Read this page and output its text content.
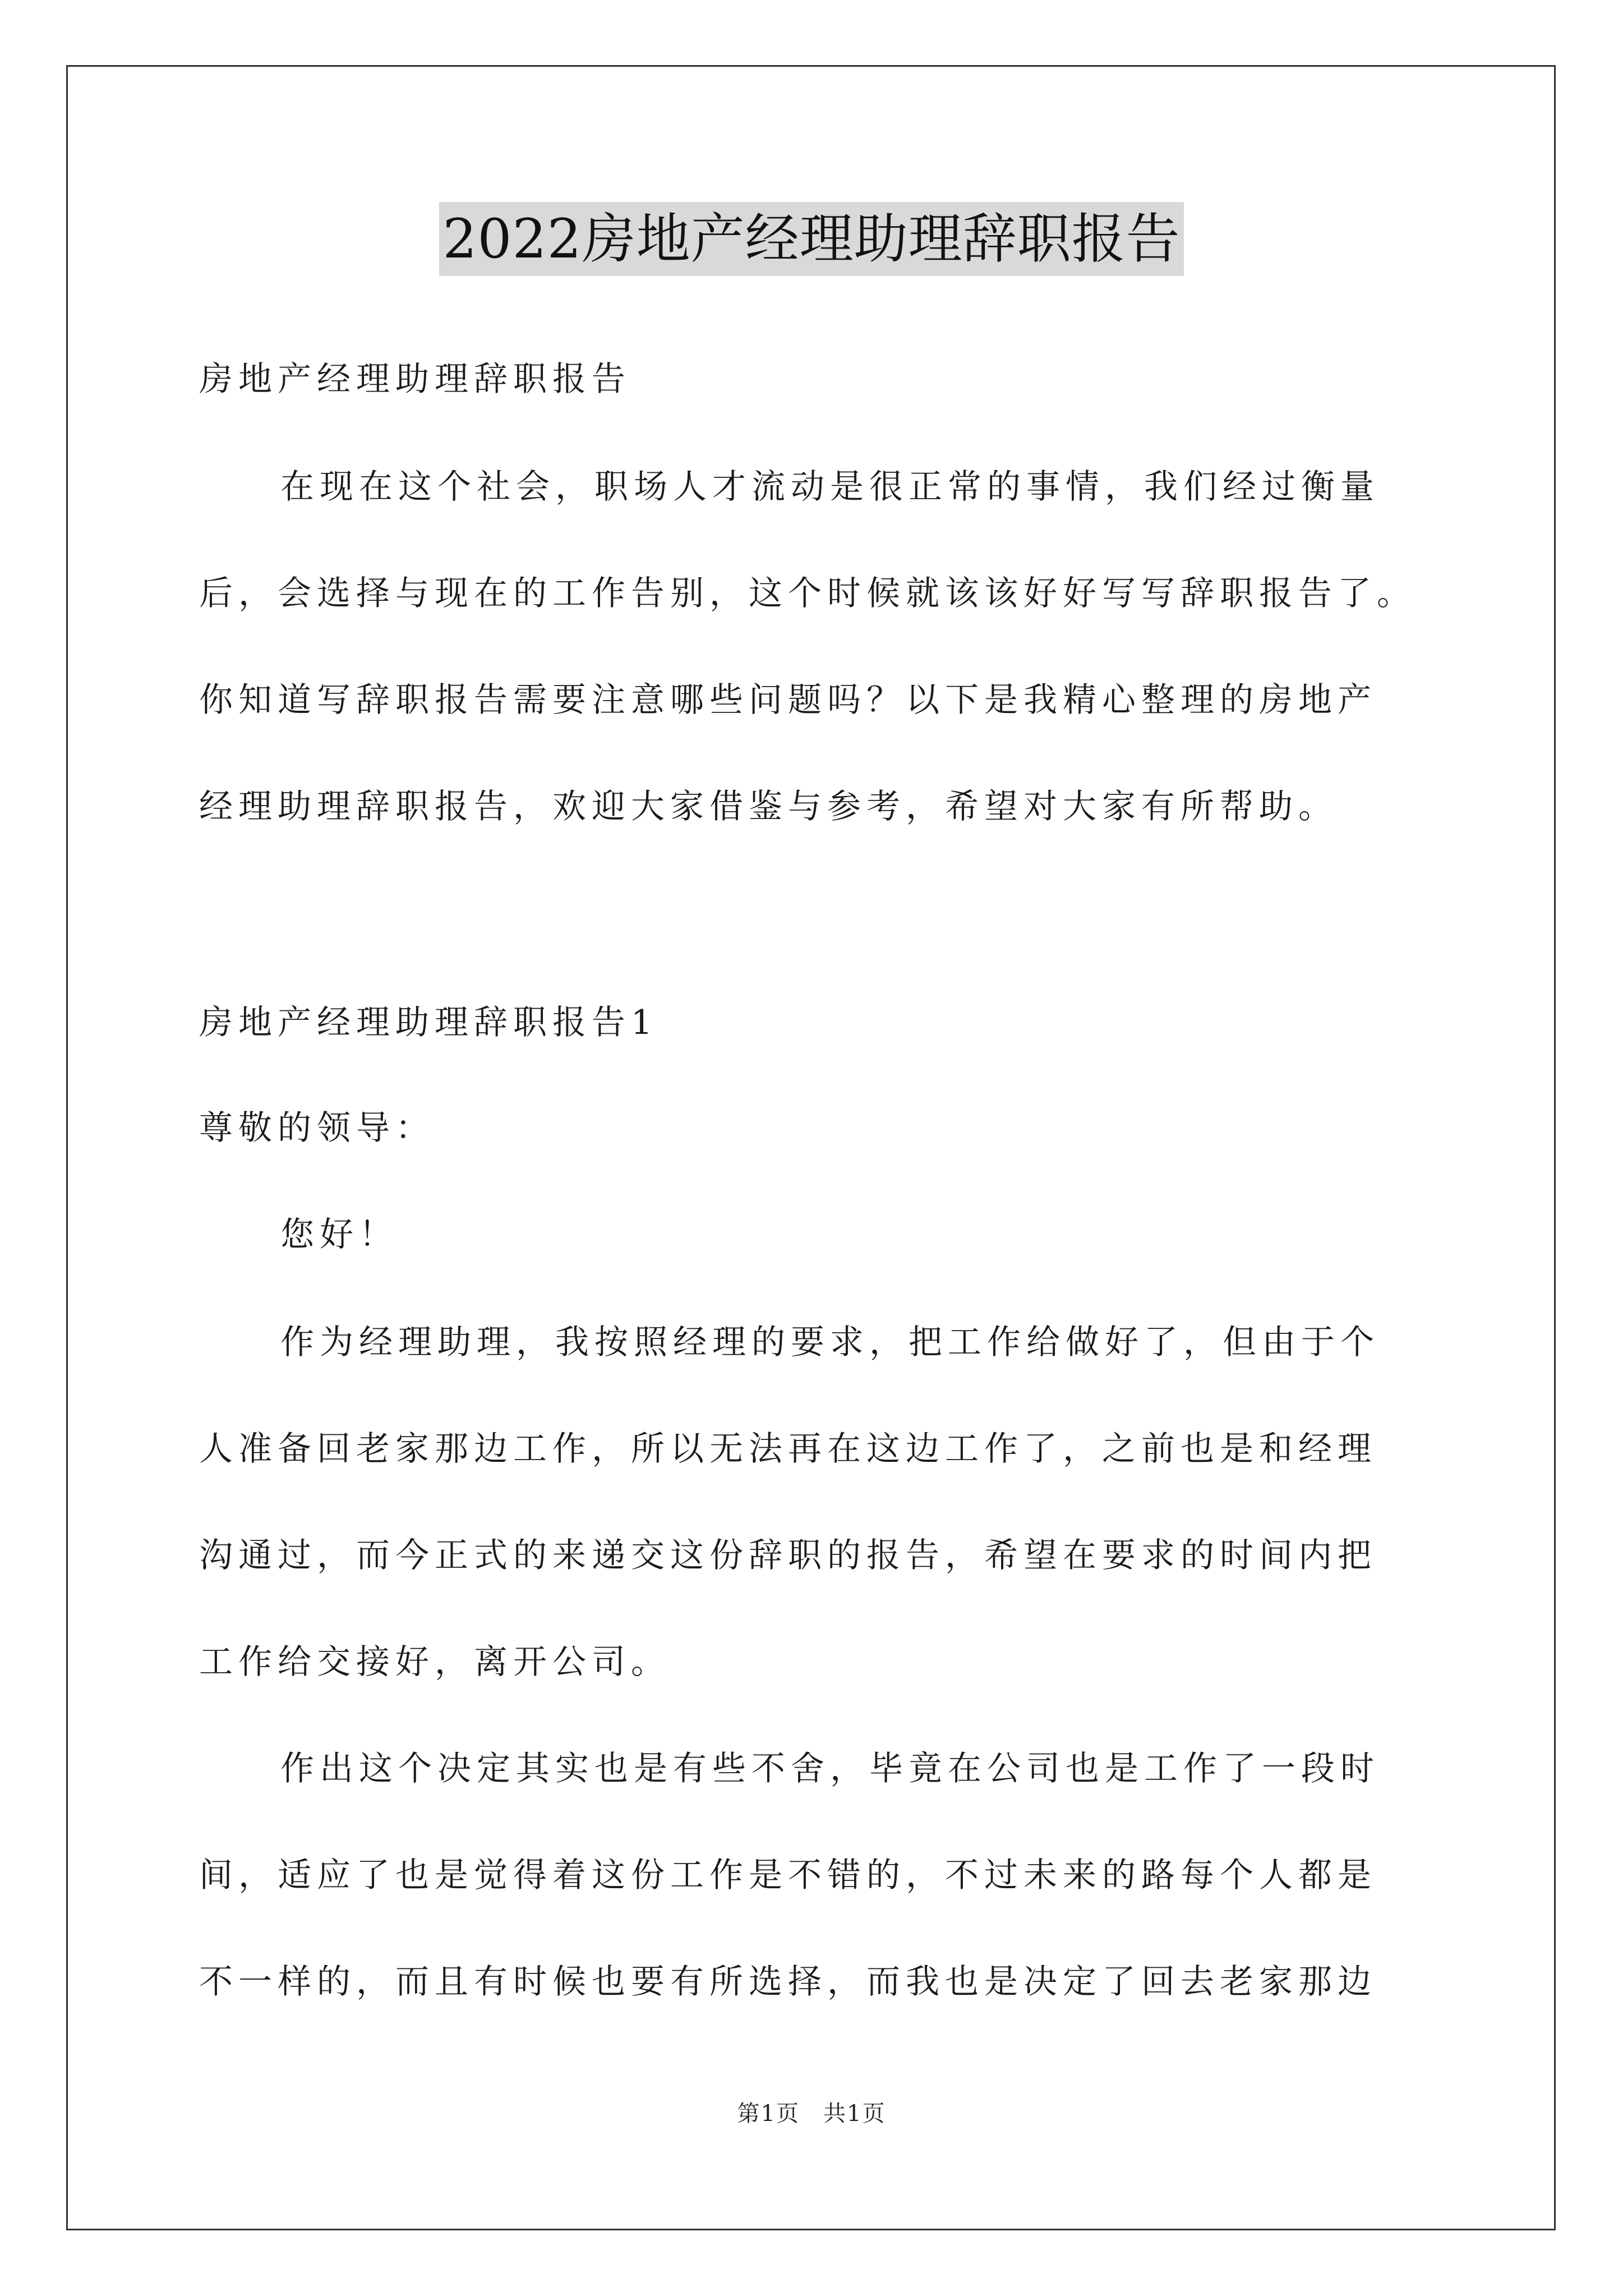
2022房地产经理助理辞职报告
房地产经理助理辞职报告
在现在这个社会，职场人才流动是很正常的事情，我们经过衡量
后，会选择与现在的工作告别，这个时候就该该好好写写辞职报告了。
你知道写辞职报告需要注意哪些问题吗？以下是我精心整理的房地产
经理助理辞职报告，欢迎大家借鉴与参考，希望对大家有所帮助。
房地产经理助理辞职报告1
尊敬的领导：
您好！
作为经理助理，我按照经理的要求，把工作给做好了，但由于个
人准备回老家那边工作，所以无法再在这边工作了，之前也是和经理
沟通过，而今正式的来递交这份辞职的报告，希望在要求的时间内把
工作给交接好，离开公司。
作出这个决定其实也是有些不舍，毕竟在公司也是工作了一段时
间，适应了也是觉得着这份工作是不错的，不过未来的路每个人都是
不一样的，而且有时候也要有所选择，而我也是决定了回去老家那边
第1页　共1页
